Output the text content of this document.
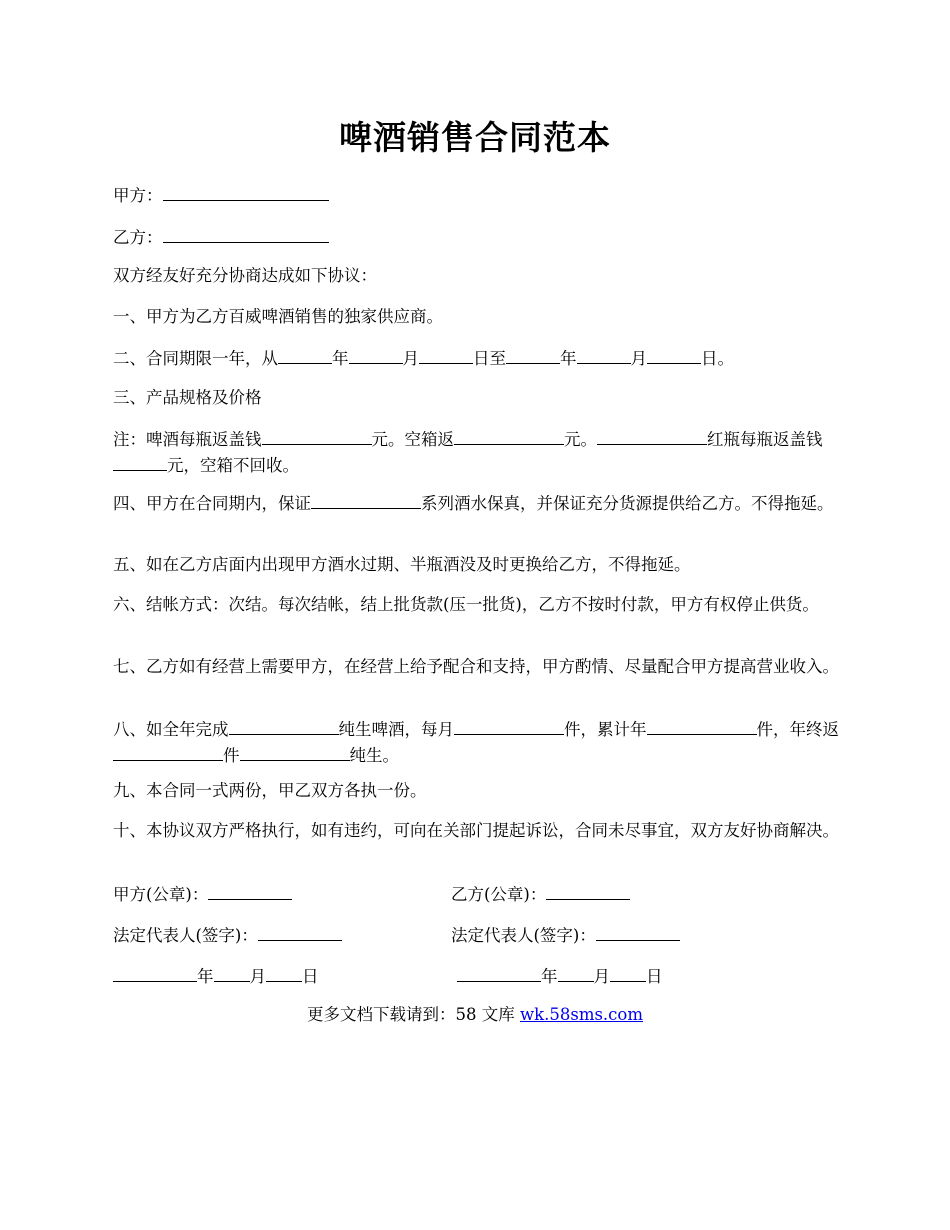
啤酒销售合同范本

甲方：

乙方：

双方经友好充分协商达成如下协议：

一、甲方为乙方百威啤酒销售的独家供应商。

二、合同期限一年，从	年	月	日至	年	月	日。

三、产品规格及价格

注：啤酒每瓶返盖钱	元。空箱返	元。	红瓶每瓶返盖钱元，空箱不回收。

四、甲方在合同期内，保证	系列酒水保真，并保证充分货源提供给乙方。不得拖延。

五、如在乙方店面内出现甲方酒水过期、半瓶酒没及时更换给乙方，不得拖延。

六、结帐方式：次结。每次结帐，结上批货款(压一批货)，乙方不按时付款，甲方有权停止供货。

七、乙方如有经营上需要甲方，在经营上给予配合和支持，甲方酌情、尽量配合甲方提高营业收入。

八、如全年完成	纯生啤酒，每月	件，累计年	件，年终返件	纯生。

九、本合同一式两份，甲乙双方各执一份。

十、本协议双方严格执行，如有违约，可向在关部门提起诉讼，合同未尽事宜，双方友好协商解决。

甲方(公章)：	乙方(公章)：

法定代表人(签字)：	法定代表人(签字)：

年 月 日	年 月 日

更多文档下载请到：58 文库 wk.58sms.com
